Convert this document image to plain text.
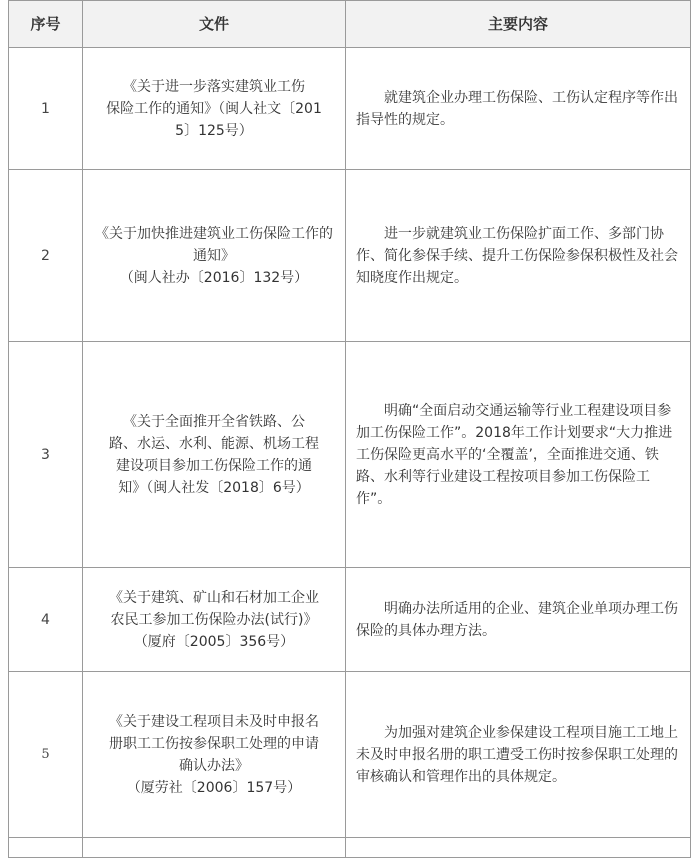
序号	文件	主要内容
1	《关于进一步落实建筑业工伤
保险工作的通知》（闽人社文〔201
5〕125号）	就建筑企业办理工伤保险、工伤认定程序等作出指导性的规定。
2	《关于加快推进建筑业工伤保险工作的
通知》
（闽人社办〔2016〕132号）	进一步就建筑业工伤保险扩面工作、多部门协作、简化参保手续、提升工伤保险参保积极性及社会知晓度作出规定。
3	《关于全面推开全省铁路、公
路、水运、水利、能源、机场工程
建设项目参加工伤保险工作的通
知》（闽人社发〔2018〕6号）	明确“全面启动交通运输等行业工程建设项目参加工伤保险工作”。2018年工作计划要求“大力推进工伤保险更高水平的‘全覆盖’，全面推进交通、铁路、水利等行业建设工程按项目参加工伤保险工作”。
4	《关于建筑、矿山和石材加工企业
农民工参加工伤保险办法(试行)》
（厦府〔2005〕356号）	明确办法所适用的企业、建筑企业单项办理工伤保险的具体办理方法。
5	《关于建设工程项目未及时申报名
册职工工伤按参保职工处理的申请
确认办法》
（厦劳社〔2006〕157号）	为加强对建筑企业参保建设工程项目施工工地上未及时申报名册的职工遭受工伤时按参保职工处理的审核确认和管理作出的具体规定。
